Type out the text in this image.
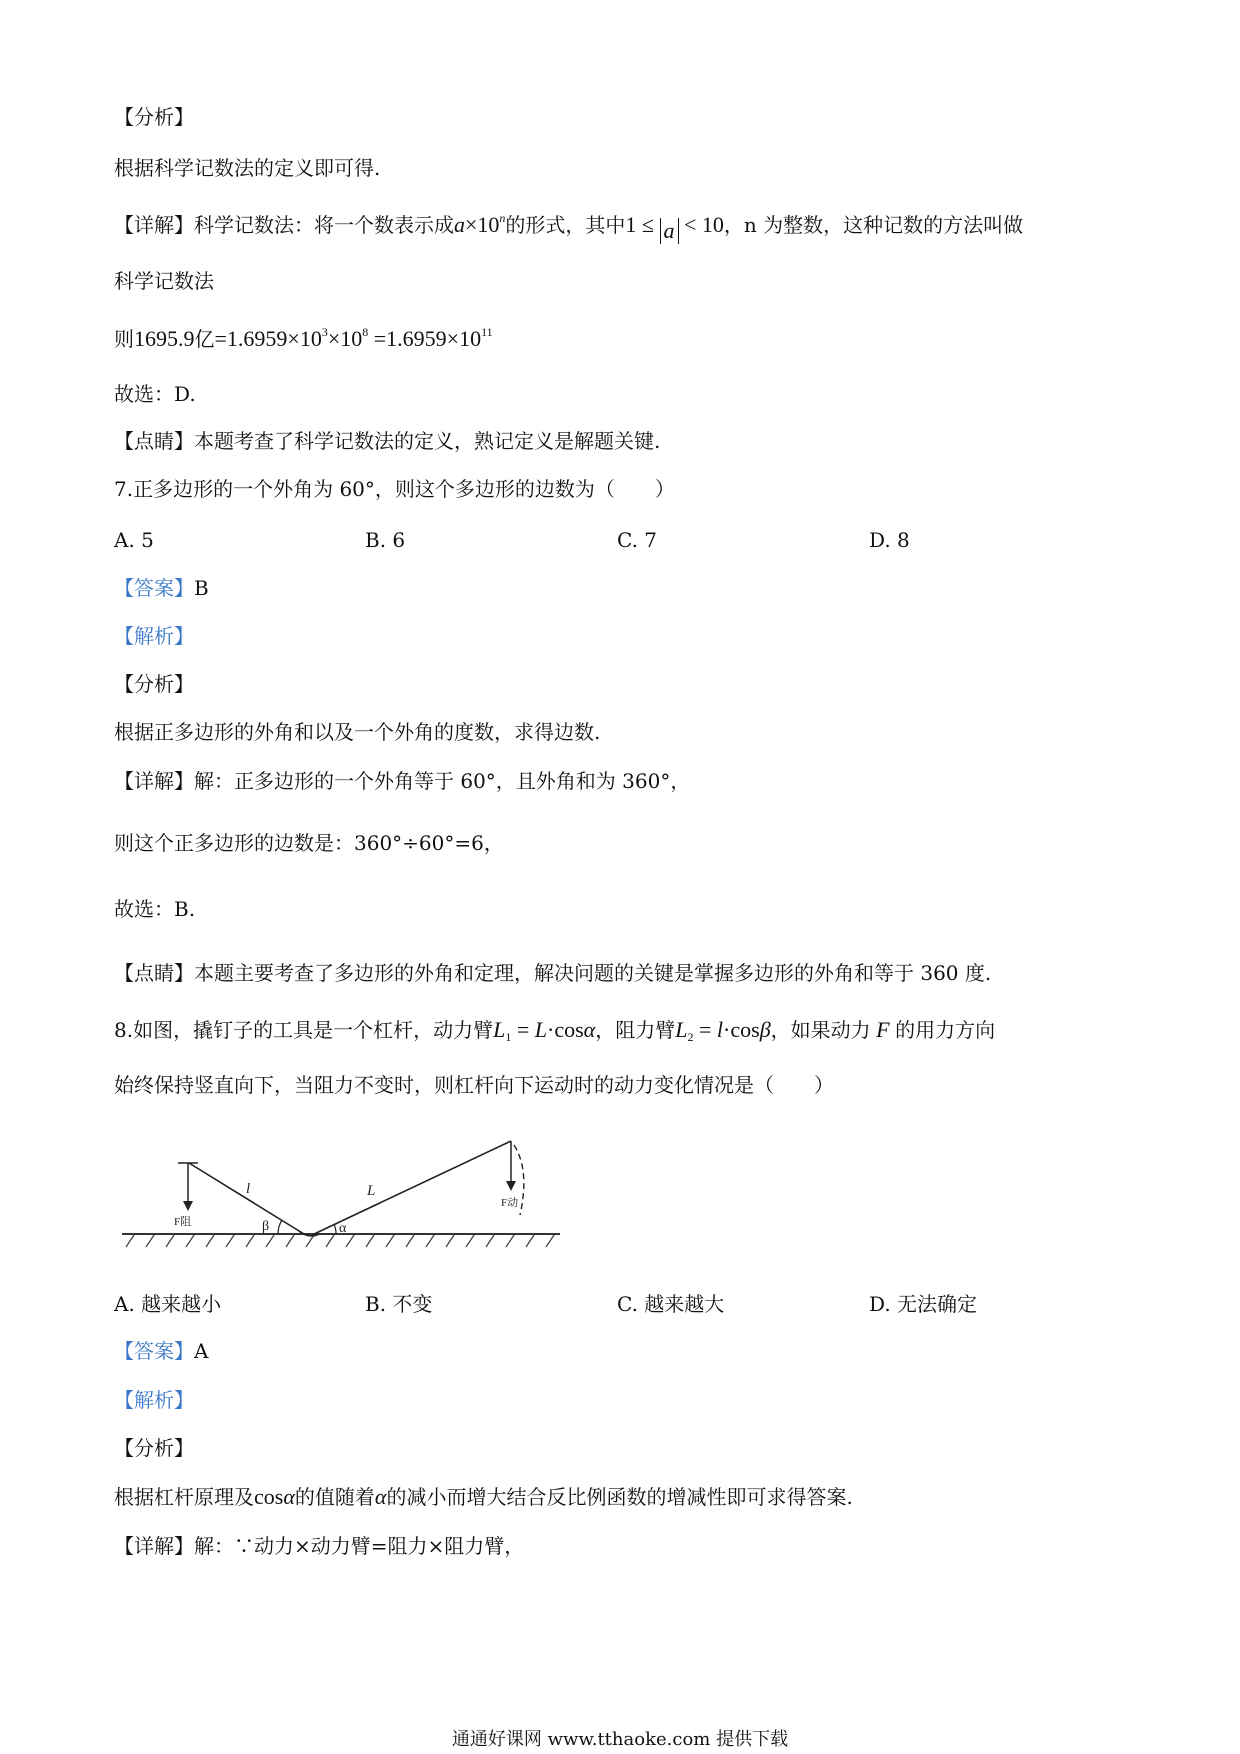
【分析】
根据科学记数法的定义即可得.
【详解】科学记数法：将一个数表示成$a\times 10^n$的形式，其中1 ≤ a < 10，n 为整数，这种记数的方法叫做
科学记数法
则1695.9亿$=1.6959\times 10^3\times 10^8 =1.6959\times 10^{11}$
故选：D.
【点睛】本题考查了科学记数法的定义，熟记定义是解题关键.
7.正多边形的一个外角为 60°，则这个多边形的边数为（　　）
A. 5	B. 6	C. 7	D. 8
【答案】B
【解析】
【分析】
根据正多边形的外角和以及一个外角的度数，求得边数.
【详解】解：正多边形的一个外角等于 60°，且外角和为 360°，
则这个正多边形的边数是：360°÷60°=6，
故选：B.
【点睛】本题主要考查了多边形的外角和定理，解决问题的关键是掌握多边形的外角和等于 360 度.
8.如图，撬钉子的工具是一个杠杆，动力臂$L_1 = L\cdot\cos\alpha$，阻力臂$L_2 = l\cdot\cos\beta$，如果动力 F 的用力方向
始终保持竖直向下，当阻力不变时，则杠杆向下运动时的动力变化情况是（　　）
l	L
β	α
F阻
F动
A. 越来越小	B. 不变	C. 越来越大	D. 无法确定
【答案】A
【解析】
【分析】
根据杠杆原理及cosα的值随着α的减小而增大结合反比例函数的增减性即可求得答案.
【详解】解：∵动力×动力臂=阻力×阻力臂，
通通好课网 www.tthaoke.com 提供下载
